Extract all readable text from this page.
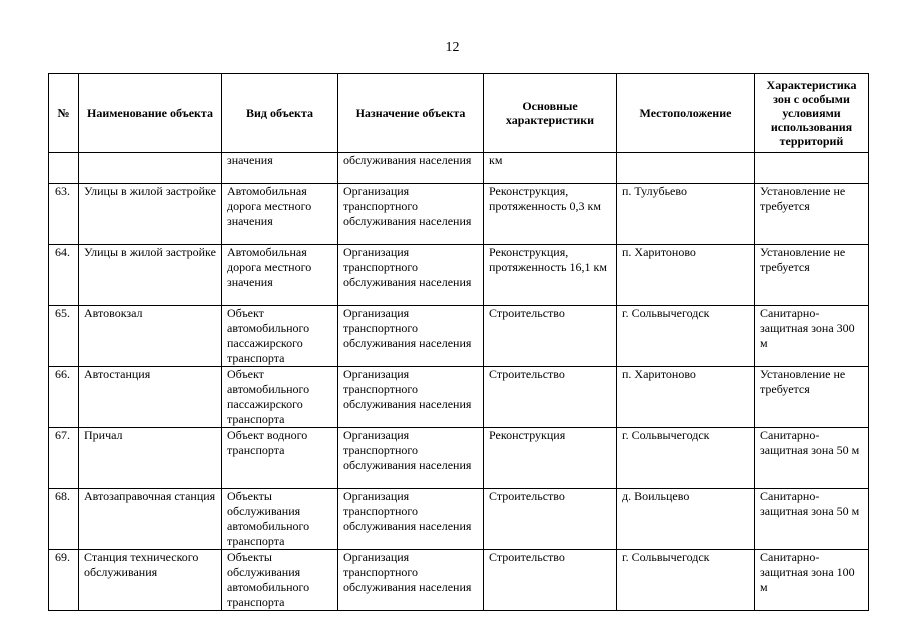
12
№	Наименование объекта	Вид объекта	Назначение объекта	Основные характеристики	Местоположение	Характеристика зон с особыми условиями использования территорий
		значения	обслуживания населения	км		
63.	Улицы в жилой застройке	Автомобильная дорога местного значения	Организация транспортного обслуживания населения	Реконструкция, протяженность 0,3 км	п. Тулубьево	Установление не требуется
64.	Улицы в жилой застройке	Автомобильная дорога местного значения	Организация транспортного обслуживания населения	Реконструкция, протяженность 16,1 км	п. Харитоново	Установление не требуется
65.	Автовокзал	Объект автомобильного пассажирского транспорта	Организация транспортного обслуживания населения	Строительство	г. Сольвычегодск	Санитарно-защитная зона 300 м
66.	Автостанция	Объект автомобильного пассажирского транспорта	Организация транспортного обслуживания населения	Строительство	п. Харитоново	Установление не требуется
67.	Причал	Объект водного транспорта	Организация транспортного обслуживания населения	Реконструкция	г. Сольвычегодск	Санитарно-защитная зона 50 м
68.	Автозаправочная станция	Объекты обслуживания автомобильного транспорта	Организация транспортного обслуживания населения	Строительство	д. Воильцево	Санитарно-защитная зона 50 м
69.	Станция технического обслуживания	Объекты обслуживания автомобильного транспорта	Организация транспортного обслуживания населения	Строительство	г. Сольвычегодск	Санитарно-защитная зона 100 м
